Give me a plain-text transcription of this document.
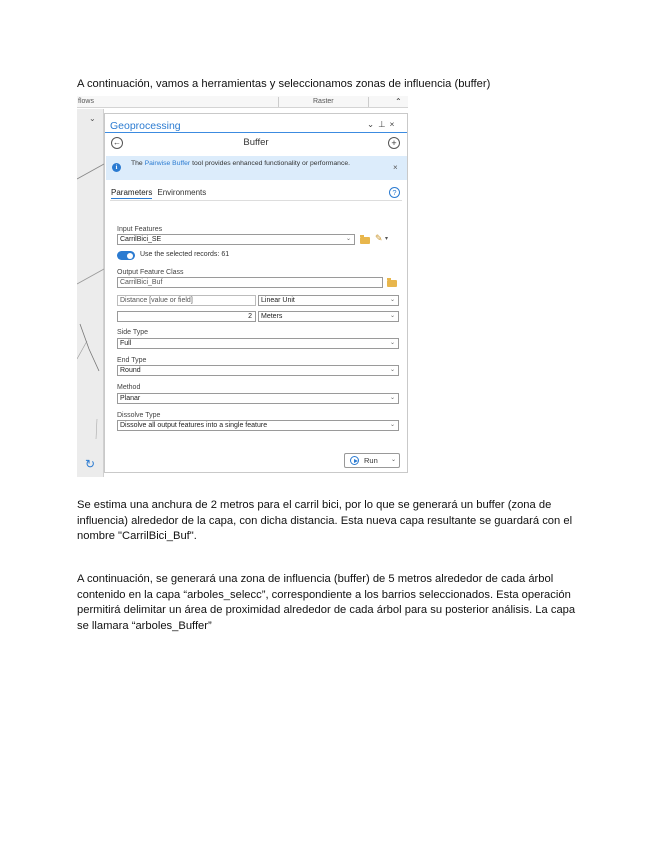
A continuación, vamos a herramientas y seleccionamos zonas de influencia (buffer)
flows	Raster	⌃
⌄
↻
Geoprocessing	⌄⊥×
←	Buffer	+
i
The Pairwise Buffer tool provides enhanced functionality or performance.	×
Parameters Environments	?
Input Features
CarrilBici_SE	⌄	✎ ▾
Use the selected records: 61
Output Feature Class
CarrilBici_Buf
Distance [value or field]	Linear Unit	⌄
2	Meters	⌄
Side Type
Full	⌄
End Type
Round	⌄
Method
Planar	⌄
Dissolve Type
Dissolve all output features into a single feature	⌄
Run ⌄
Se estima una anchura de 2 metros para el carril bici, por lo que se generará un buffer (zona de influencia) alrededor de la capa, con dicha distancia. Esta nueva capa resultante se guardará con el nombre "CarrilBici_Buf".
A continuación, se generará una zona de influencia (buffer) de 5 metros alrededor de cada árbol contenido en la capa “arboles_selecc”, correspondiente a los barrios seleccionados. Esta operación permitirá delimitar un área de proximidad alrededor de cada árbol para su posterior análisis. La capa se llamara “arboles_Buffer”
